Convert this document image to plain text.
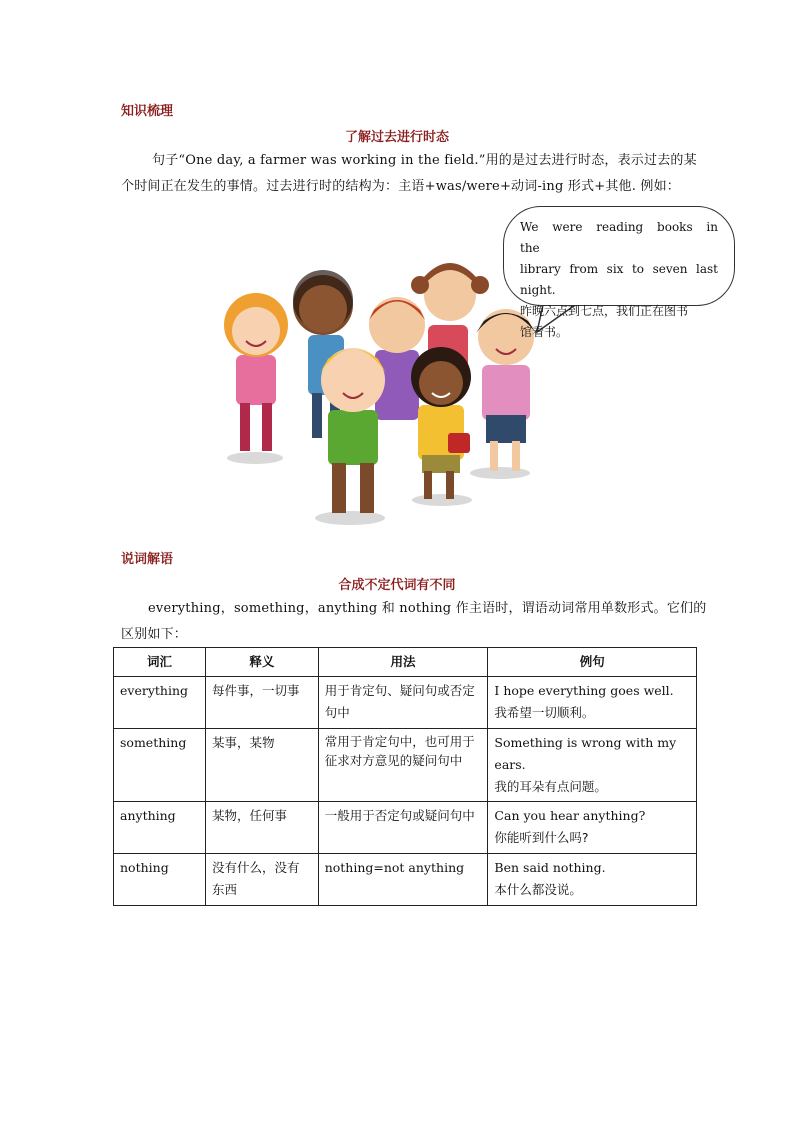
知识梳理
了解过去进行时态
句子“One day, a farmer was working in the field.”用的是过去进行时态，表示过去的某
个时间正在发生的事情。过去进行时的结构为：主语+was/were+动词-ing 形式+其他. 例如：
We were reading books in the
library from six to seven last night.
昨晚六点到七点，我们正在图书
馆看书。
说词解语
合成不定代词有不同
everything，something，anything 和 nothing 作主语时，谓语动词常用单数形式。它们的
区别如下：
词汇	释义	用法	例句
everything	每件事，一切事	用于肯定句、疑问句或否定句中	I hope everything goes well.
我希望一切顺利。

something	某事，某物	常用于肯定句中，也可用于征求对方意见的疑问句中	Something is wrong with my ears.
我的耳朵有点问题。

anything	某物，任何事	一般用于否定句或疑问句中	Can you hear anything?
你能听到什么吗?

nothing	没有什么，没有东西	nothing=not anything	Ben said nothing.
本什么都没说。
